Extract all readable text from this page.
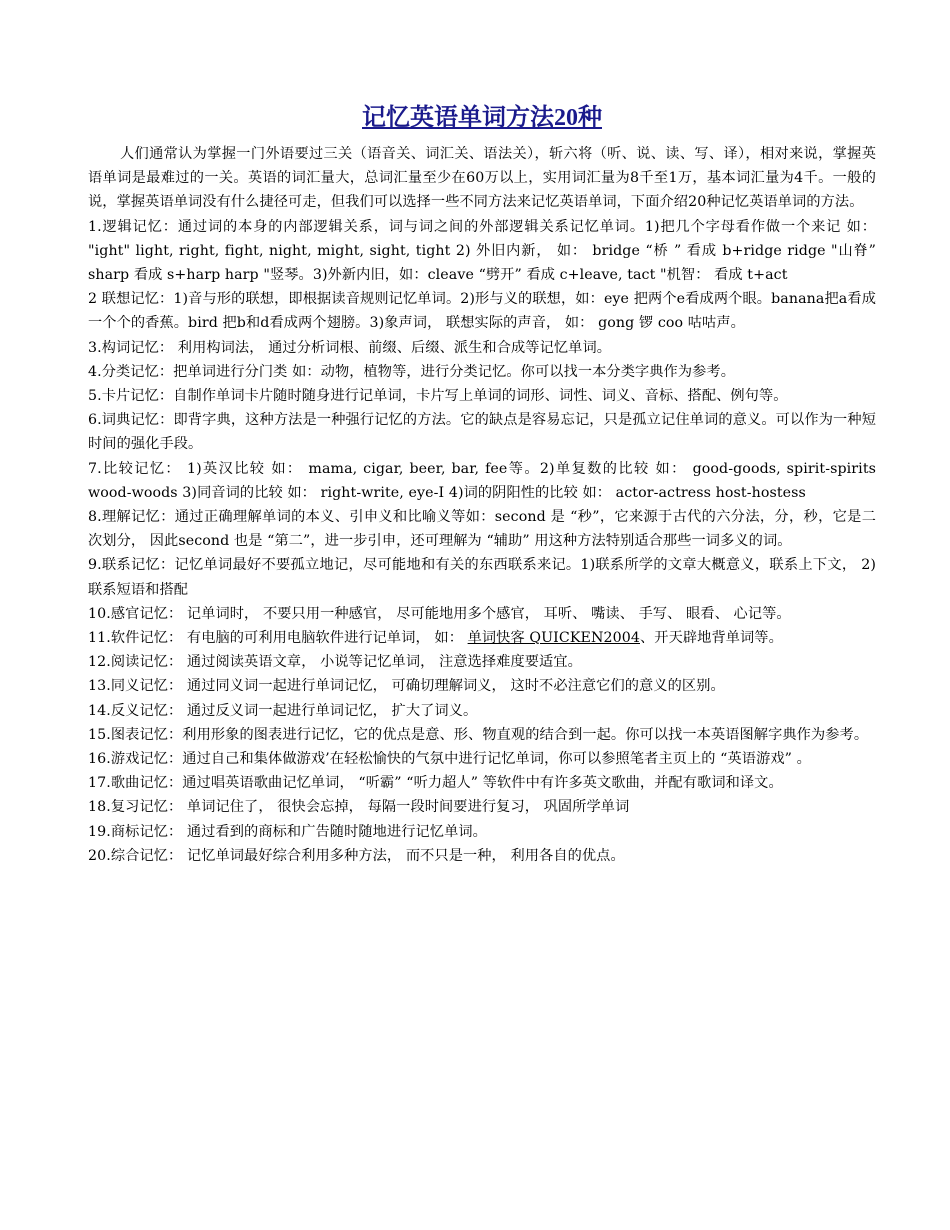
记忆英语单词方法20种

人们通常认为掌握一门外语要过三关（语音关、词汇关、语法关），斩六将（听、说、读、写、译），相对来说，掌握英语单词是最难过的一关。英语的词汇量大，总词汇量至少在60万以上，实用词汇量为8千至1万，基本词汇量为4千。一般的说，掌握英语单词没有什么捷径可走，但我们可以选择一些不同方法来记忆英语单词，下面介绍20种记忆英语单词的方法。

1.逻辑记忆：通过词的本身的内部逻辑关系，词与词之间的外部逻辑关系记忆单词。1)把几个字母看作做一个来记 如： "ight" light, right, fight, night, might, sight, tight 2) 外旧内新， 如： bridge “桥 ” 看成 b+ridge ridge "山脊” sharp 看成 s+harp harp "竖琴。3)外新内旧，如：cleave “劈开” 看成 c+leave, tact "机智： 看成 t+act

2 联想记忆：1)音与形的联想，即根据读音规则记忆单词。2)形与义的联想，如：eye 把两个e看成两个眼。banana把a看成一个个的香蕉。bird 把b和d看成两个翅膀。3)象声词， 联想实际的声音， 如： gong 锣 coo 咕咕声。

3.构词记忆： 利用构词法， 通过分析词根、前缀、后缀、派生和合成等记忆单词。

4.分类记忆：把单词进行分门类 如：动物，植物等，进行分类记忆。你可以找一本分类字典作为参考。

5.卡片记忆：自制作单词卡片随时随身进行记单词，卡片写上单词的词形、词性、词义、音标、搭配、例句等。

6.词典记忆：即背字典，这种方法是一种强行记忆的方法。它的缺点是容易忘记，只是孤立记住单词的意义。可以作为一种短时间的强化手段。

7.比较记忆： 1)英汉比较 如： mama, cigar, beer, bar, fee等。2)单复数的比较 如： good-goods, spirit-spirits wood-woods 3)同音词的比较 如： right-write, eye-I 4)词的阴阳性的比较 如： actor-actress host-hostess

8.理解记忆：通过正确理解单词的本义、引申义和比喻义等如：second 是 “秒”，它来源于古代的六分法，分，秒，它是二次划分， 因此second 也是 “第二”，进一步引申，还可理解为 “辅助” 用这种方法特别适合那些一词多义的词。

9.联系记忆：记忆单词最好不要孤立地记，尽可能地和有关的东西联系来记。1)联系所学的文章大概意义，联系上下文， 2)联系短语和搭配

10.感官记忆： 记单词时， 不要只用一种感官， 尽可能地用多个感官， 耳听、 嘴读、 手写、 眼看、 心记等。

11.软件记忆： 有电脑的可利用电脑软件进行记单词， 如： 单词快客 QUICKEN2004、开天辟地背单词等。

12.阅读记忆： 通过阅读英语文章， 小说等记忆单词， 注意选择难度要适宜。

13.同义记忆： 通过同义词一起进行单词记忆， 可确切理解词义， 这时不必注意它们的意义的区别。

14.反义记忆： 通过反义词一起进行单词记忆， 扩大了词义。

15.图表记忆：利用形象的图表进行记忆，它的优点是意、形、物直观的结合到一起。你可以找一本英语图解字典作为参考。

16.游戏记忆：通过自己和集体做游戏’在轻松愉快的气氛中进行记忆单词，你可以参照笔者主页上的 “英语游戏” 。

17.歌曲记忆：通过唱英语歌曲记忆单词， “听霸” “听力超人” 等软件中有许多英文歌曲，并配有歌词和译文。

18.复习记忆： 单词记住了， 很快会忘掉， 每隔一段时间要进行复习， 巩固所学单词

19.商标记忆： 通过看到的商标和广告随时随地进行记忆单词。

20.综合记忆： 记忆单词最好综合利用多种方法， 而不只是一种， 利用各自的优点。
